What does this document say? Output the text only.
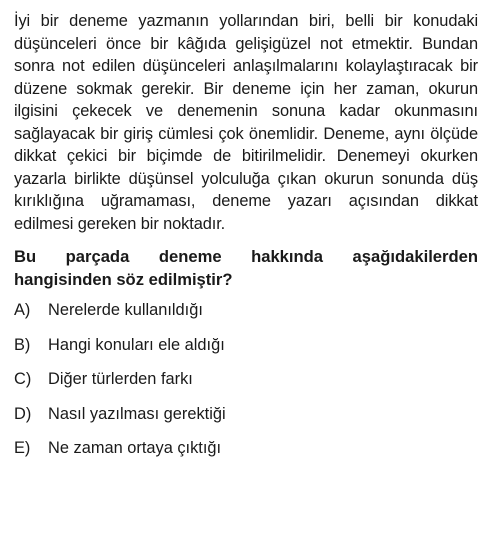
İyi bir deneme yazmanın yollarından biri, belli bir konudaki düşünceleri önce bir kâğıda gelişigüzel not etmektir. Bundan sonra not edilen düşünceleri anlaşılmalarını kolaylaştıracak bir düzene sokmak gerekir. Bir deneme için her zaman, okurun ilgisini çekecek ve denemenin sonuna kadar okunmasını sağlayacak bir giriş cümlesi çok önemlidir. Deneme, aynı ölçüde dikkat çekici bir biçimde de bitirilmelidir. Denemeyi okurken yazarla birlikte düşünsel yolculuğa çıkan okurun sonunda düş kırıklığına uğramaması, deneme yazarı açısından dikkat edilmesi gereken bir noktadır.

Bu parçada deneme hakkında aşağıdakilerden hangisinden söz edilmiştir?

A)	Nerelerde kullanıldığı
B)	Hangi konuları ele aldığı
C)	Diğer türlerden farkı
D)	Nasıl yazılması gerektiği
E)	Ne zaman ortaya çıktığı
